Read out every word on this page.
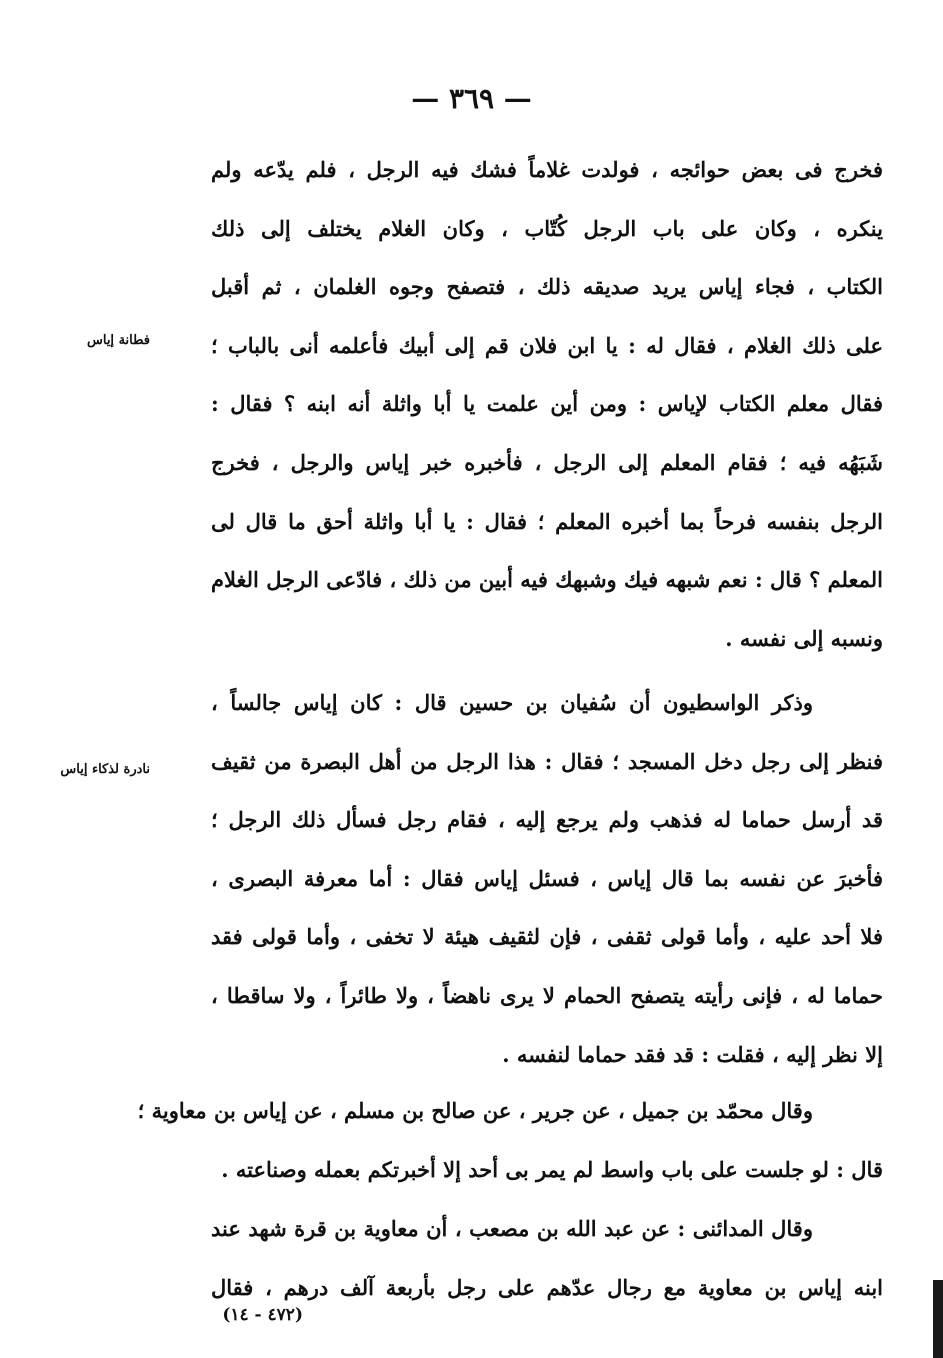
— ٣٦٩ —
فطانة إياس
نادرة لذكاء إياس
فخرج فى بعض حوائجه ، فولدت غلاماً فشك فيه الرجل ، فلم يدّعه ولم
ينكره ، وكان على باب الرجل كُتّاب ، وكان الغلام يختلف إلى ذلك
الكتاب ، فجاء إياس يريد صديقه ذلك ، فتصفح وجوه الغلمان ، ثم أقبل
على ذلك الغلام ، فقال له : يا ابن فلان قم إلى أبيك فأعلمه أنى بالباب ؛
فقال معلم الكتاب لإياس : ومن أين علمت يا أبا واثلة أنه ابنه ؟ فقال :
شَبَهُه فيه ؛ فقام المعلم إلى الرجل ، فأخبره خبر إياس والرجل ، فخرج
الرجل بنفسه فرحاً بما أخبره المعلم ؛ فقال : يا أبا واثلة أحق ما قال لى
المعلم ؟ قال : نعم شبهه فيك وشبهك فيه أبين من ذلك ، فادّعى الرجل الغلام
ونسبه إلى نفسه .
وذكر الواسطيون أن سُفيان بن حسين قال : كان إياس جالساً ،
فنظر إلى رجل دخل المسجد ؛ فقال : هذا الرجل من أهل البصرة من ثقيف
قد أرسل حماما له فذهب ولم يرجع إليه ، فقام رجل فسأل ذلك الرجل ؛
فأخبرَ عن نفسه بما قال إياس ، فسئل إياس فقال : أما معرفة البصرى ،
فلا أحد عليه ، وأما قولى ثقفى ، فإن لثقيف هيئة لا تخفى ، وأما قولى فقد
حماما له ، فإنى رأيته يتصفح الحمام لا يرى ناهضاً ، ولا طائراً ، ولا ساقطا ،
إلا نظر إليه ، فقلت : قد فقد حماما لنفسه .
وقال محمّد بن جميل ، عن جرير ، عن صالح بن مسلم ، عن إياس بن معاوية ؛
قال : لو جلست على باب واسط لم يمر بى أحد إلا أخبرتكم بعمله وصناعته .
وقال المدائنى : عن عبد الله بن مصعب ، أن معاوية بن قرة شهد عند
ابنه إياس بن معاوية مع رجال عدّهم على رجل بأربعة آلف درهم ، فقال
(٤٧٢ - ١٤)
